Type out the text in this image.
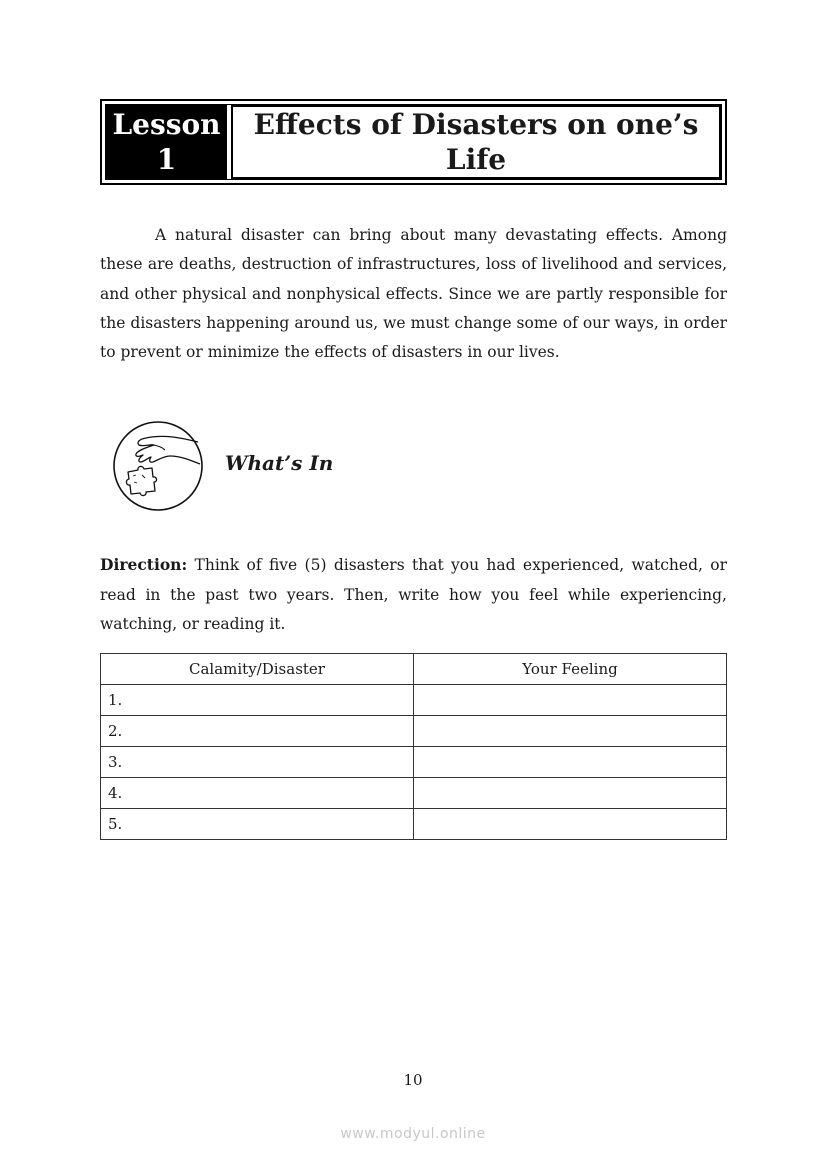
Lesson
1
Effects of Disasters on one’s Life

A natural disaster can bring about many devastating effects. Among these are deaths, destruction of infrastructures, loss of livelihood and services, and other physical and nonphysical effects. Since we are partly responsible for the disasters happening around us, we must change some of our ways, in order to prevent or minimize the effects of disasters in our lives.

What’s In

Direction: Think of five (5) disasters that you had experienced, watched, or read in the past two years. Then, write how you feel while experiencing, watching, or reading it.

Calamity/Disaster	Your Feeling
1.	
2.	
3.	
4.	
5.	
10
www.modyul.online
